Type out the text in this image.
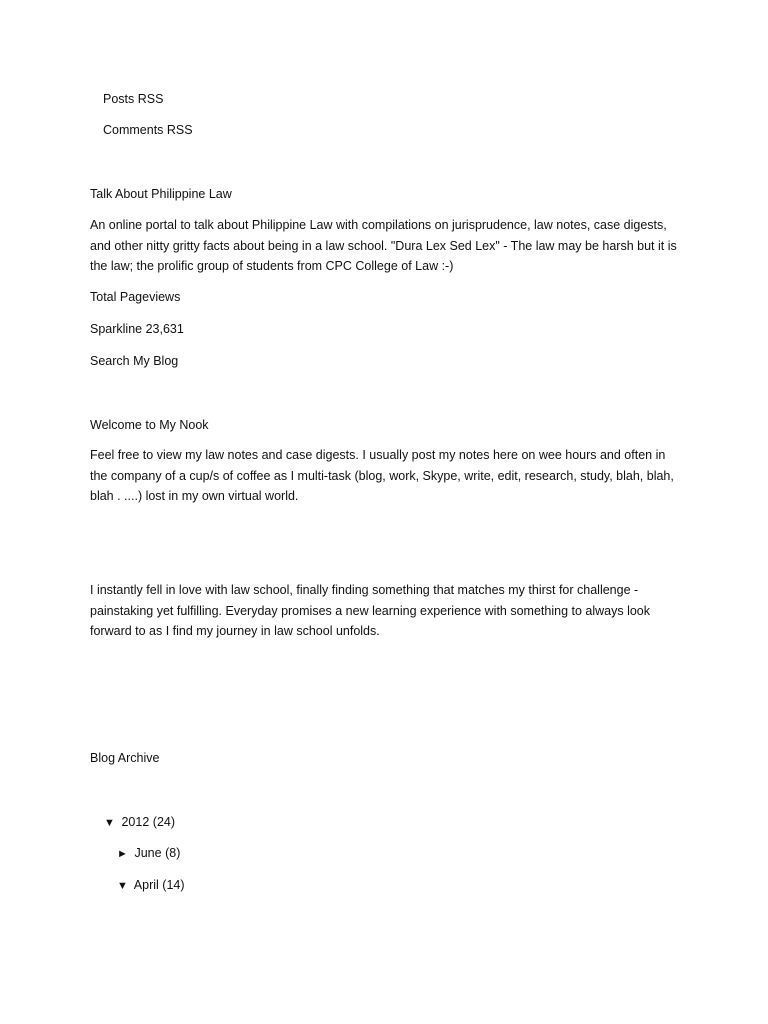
Posts RSS
Comments RSS
Talk About Philippine Law
An online portal to talk about Philippine Law with compilations on jurisprudence, law notes, case digests, and other nitty gritty facts about being in a law school. "Dura Lex Sed Lex" - The law may be harsh but it is the law; the prolific group of students from CPC College of Law :-)
Total Pageviews
Sparkline 23,631
Search My Blog
Welcome to My Nook
Feel free to view my law notes and case digests. I usually post my notes here on wee hours and often in the company of a cup/s of coffee as I multi-task (blog, work, Skype, write, edit, research, study, blah, blah, blah . ....) lost in my own virtual world.
I instantly fell in love with law school, finally finding something that matches my thirst for challenge - painstaking yet fulfilling. Everyday promises a new learning experience with something to always look forward to as I find my journey in law school unfolds.
Blog Archive
▼ 2012 (24)
► June (8)
▼ April (14)
